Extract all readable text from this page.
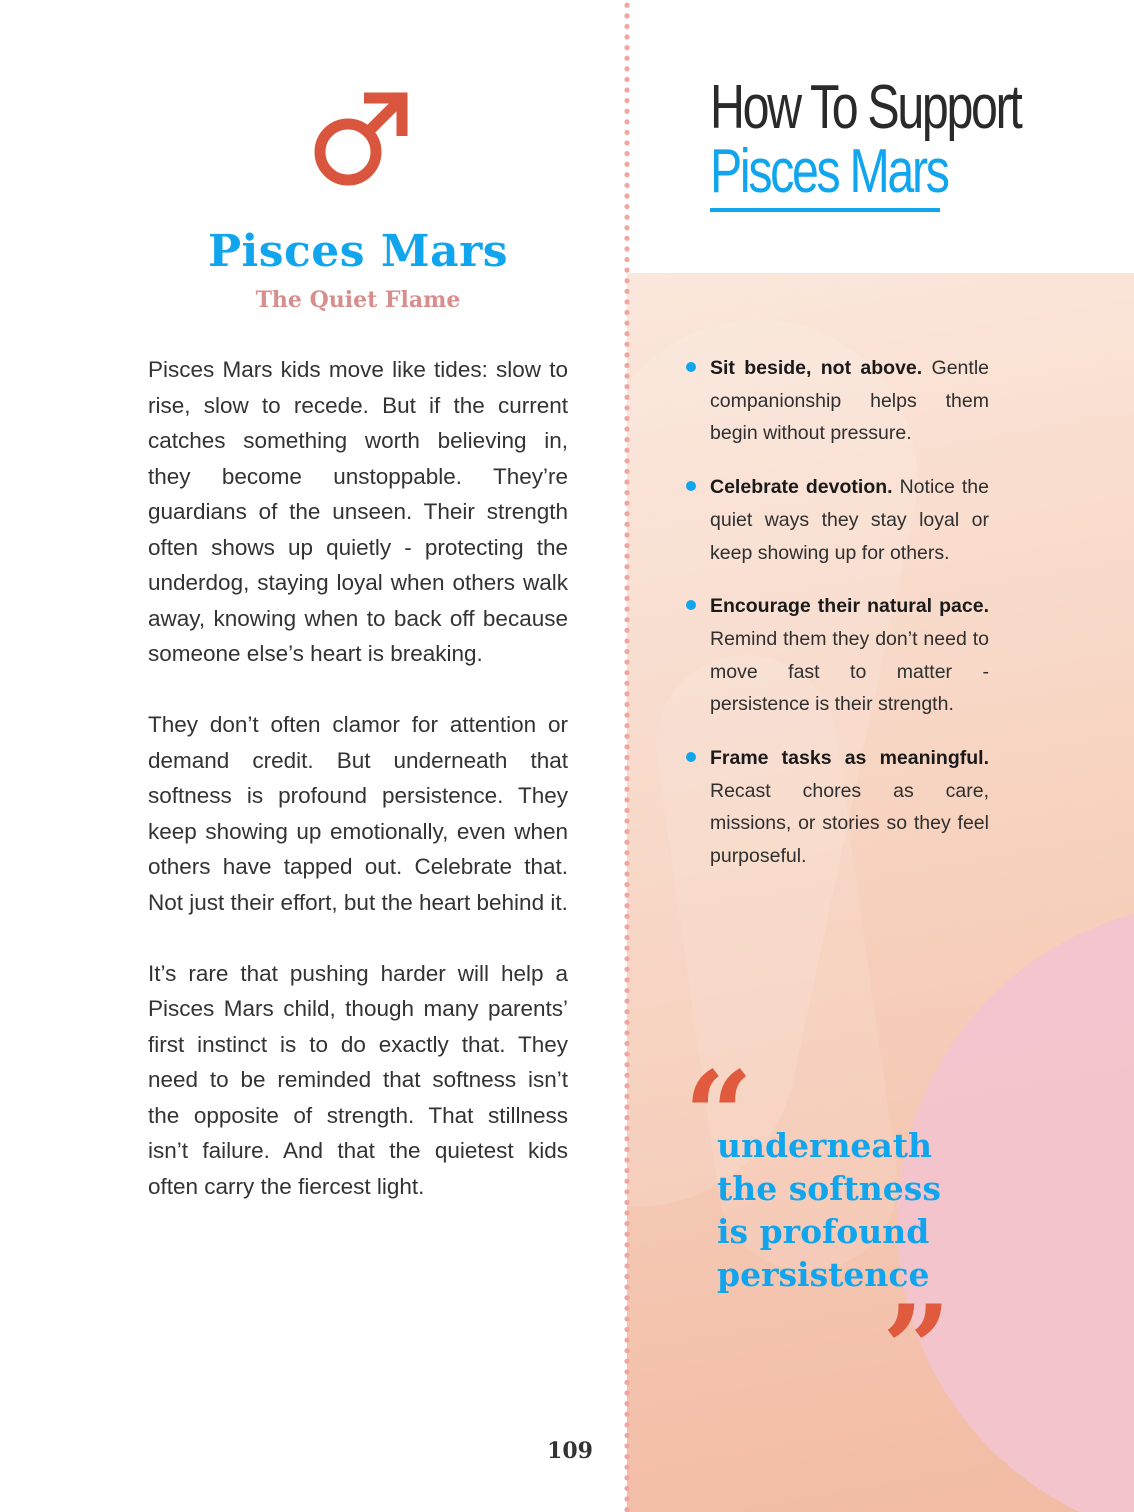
Pisces Mars
The Quiet Flame

Pisces Mars kids move like tides: slow to rise, slow to recede. But if the current catches something worth believing in, they become unstoppable. They’re guardians of the unseen. Their strength often shows up quietly - protecting the underdog, staying loyal when others walk away, knowing when to back off because someone else’s heart is breaking.

They don’t often clamor for attention or demand credit. But underneath that softness is profound persistence. They keep showing up emotionally, even when others have tapped out. Celebrate that. Not just their effort, but the heart behind it.

It’s rare that pushing harder will help a Pisces Mars child, though many parents’ first instinct is to do exactly that. They need to be reminded that softness isn’t the opposite of strength. That stillness isn’t failure. And that the quietest kids often carry the fiercest light.

109
How To Support
Pisces Mars
Sit beside, not above. Gentle companionship helps them begin without pressure.
Celebrate devotion. Notice the quiet ways they stay loyal or keep showing up for others.
Encourage their natural pace. Remind them they don’t need to move fast to matter - persistence is their strength.
Frame tasks as meaningful. Recast chores as care, missions, or stories so they feel purposeful.
“
underneath
the softness
is profound
persistence
”
